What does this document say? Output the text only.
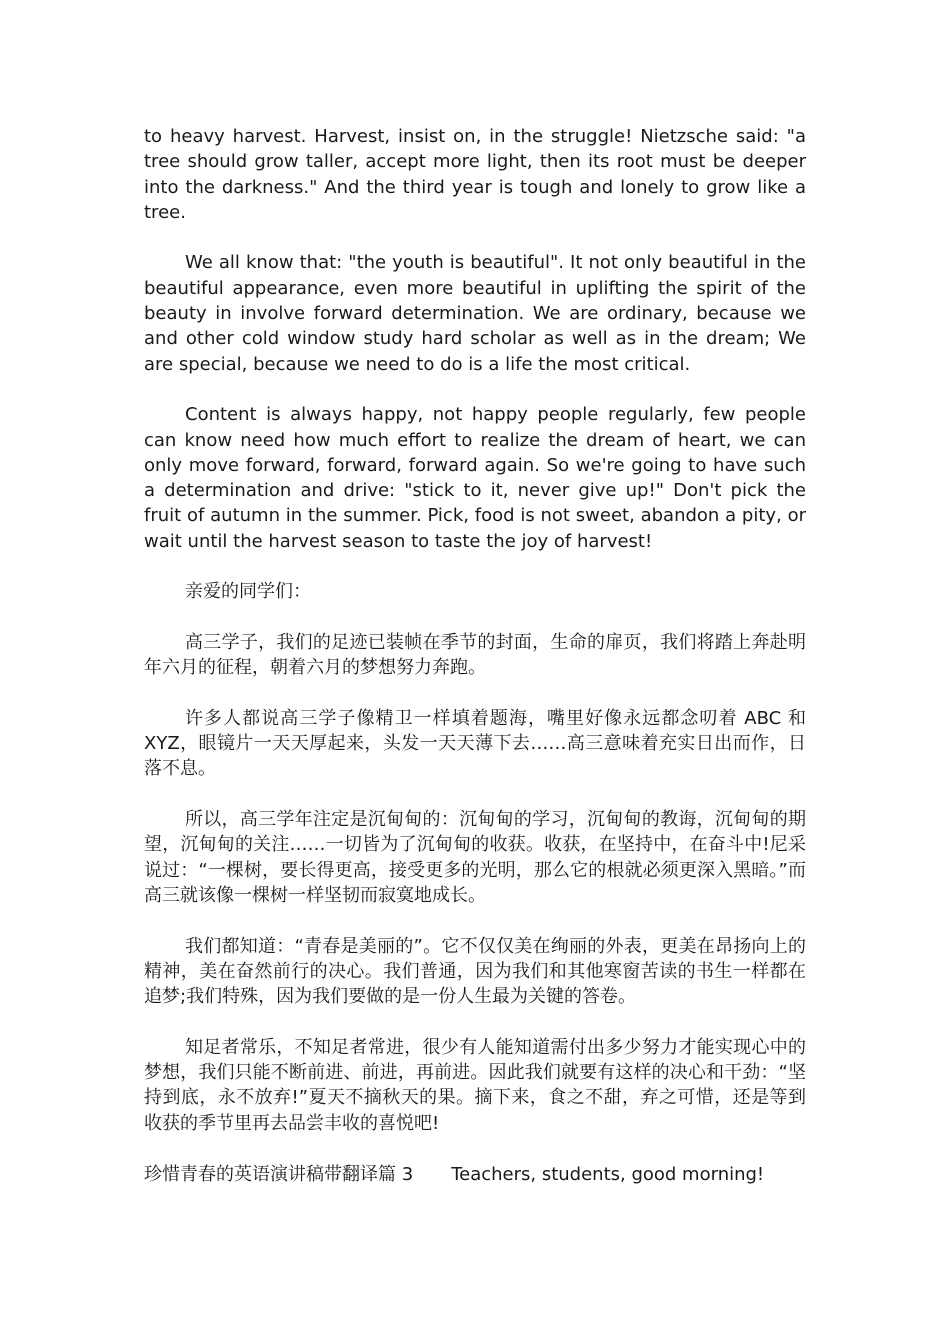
to heavy harvest. Harvest, insist on, in the struggle! Nietzsche said: "a tree should grow taller, accept more light, then its root must be deeper into the darkness." And the third year is tough and lonely to grow like a tree.

We all know that: "the youth is beautiful". It not only beautiful in the beautiful appearance, even more beautiful in uplifting the spirit of the beauty in involve forward determination. We are ordinary, because we and other cold window study hard scholar as well as in the dream; We are special, because we need to do is a life the most critical.

Content is always happy, not happy people regularly, few people can know need how much effort to realize the dream of heart, we can only move forward, forward, forward again. So we're going to have such a determination and drive: "stick to it, never give up!" Don't pick the fruit of autumn in the summer. Pick, food is not sweet, abandon a pity, or wait until the harvest season to taste the joy of harvest!

亲爱的同学们：

高三学子，我们的足迹已装帧在季节的封面，生命的扉页，我们将踏上奔赴明年六月的征程，朝着六月的梦想努力奔跑。

许多人都说高三学子像精卫一样填着题海，嘴里好像永远都念叨着 ABC 和 XYZ，眼镜片一天天厚起来，头发一天天薄下去……高三意味着充实日出而作，日落不息。

所以，高三学年注定是沉甸甸的：沉甸甸的学习，沉甸甸的教诲，沉甸甸的期望，沉甸甸的关注……一切皆为了沉甸甸的收获。收获，在坚持中，在奋斗中!尼采说过：“一棵树，要长得更高，接受更多的光明，那么它的根就必须更深入黑暗。”而高三就该像一棵树一样坚韧而寂寞地成长。

我们都知道：“青春是美丽的”。它不仅仅美在绚丽的外表，更美在昂扬向上的精神，美在奋然前行的决心。我们普通，因为我们和其他寒窗苦读的书生一样都在追梦;我们特殊，因为我们要做的是一份人生最为关键的答卷。

知足者常乐，不知足者常进，很少有人能知道需付出多少努力才能实现心中的梦想，我们只能不断前进、前进，再前进。因此我们就要有这样的决心和干劲：“坚持到底，永不放弃!”夏天不摘秋天的果。摘下来，食之不甜，弃之可惜，还是等到收获的季节里再去品尝丰收的喜悦吧!

珍惜青春的英语演讲稿带翻译篇 3 Teachers, students, good morning!
